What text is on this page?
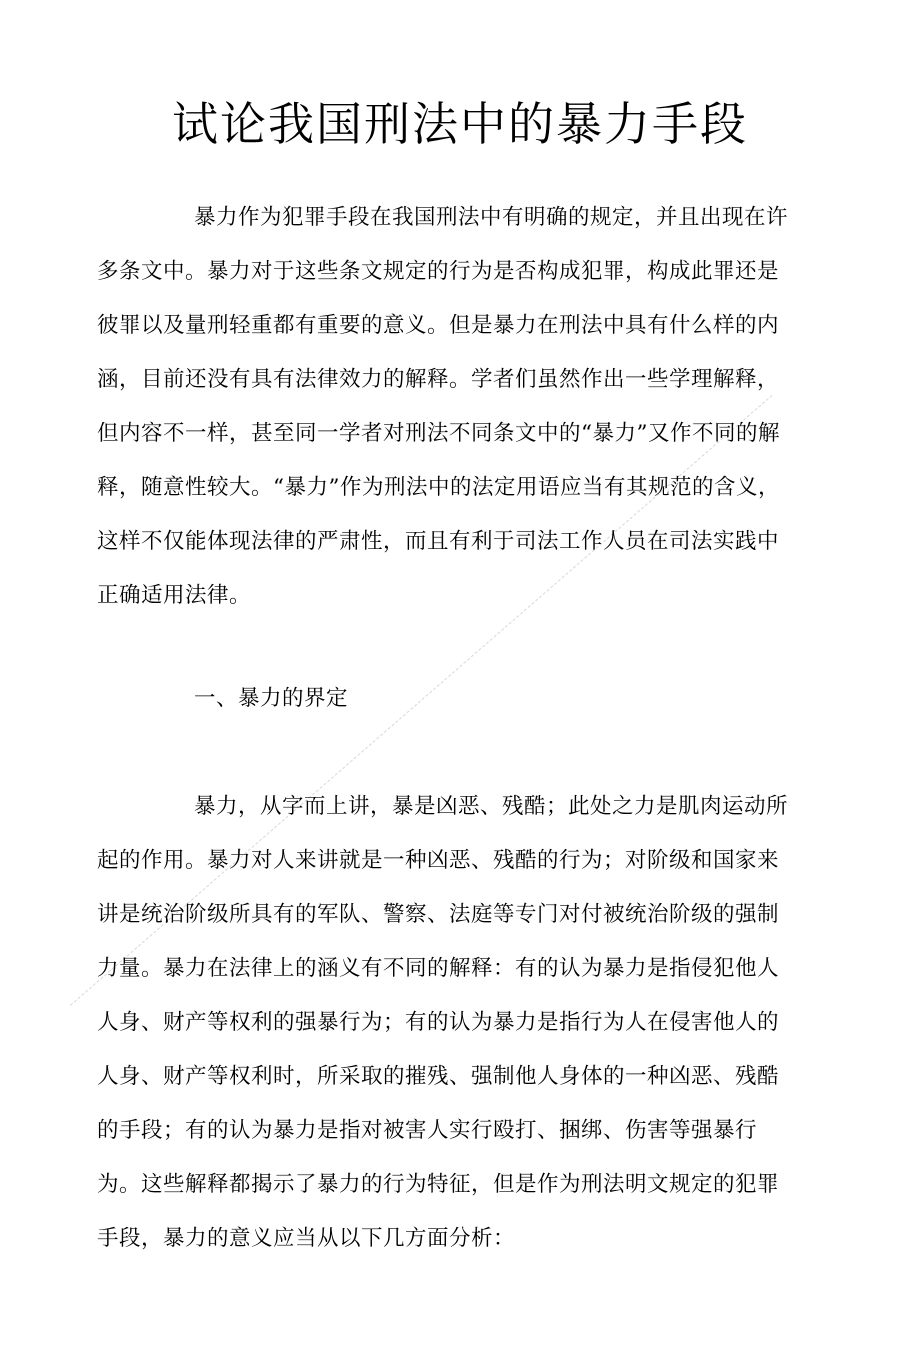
试论我国刑法中的暴力手段

暴力作为犯罪手段在我国刑法中有明确的规定，并且出现在许多条文中。暴力对于这些条文规定的行为是否构成犯罪，构成此罪还是彼罪以及量刑轻重都有重要的意义。但是暴力在刑法中具有什么样的内涵，目前还没有具有法律效力的解释。学者们虽然作出一些学理解释，但内容不一样，甚至同一学者对刑法不同条文中的“暴力”又作不同的解释，随意性较大。“暴力”作为刑法中的法定用语应当有其规范的含义，这样不仅能体现法律的严肃性，而且有利于司法工作人员在司法实践中正确适用法律。

一、暴力的界定

暴力，从字而上讲，暴是凶恶、残酷；此处之力是肌肉运动所起的作用。暴力对人来讲就是一种凶恶、残酷的行为；对阶级和国家来讲是统治阶级所具有的军队、警察、法庭等专门对付被统治阶级的强制力量。暴力在法律上的涵义有不同的解释：有的认为暴力是指侵犯他人人身、财产等权利的强暴行为；有的认为暴力是指行为人在侵害他人的人身、财产等权利时，所采取的摧残、强制他人身体的一种凶恶、残酷的手段；有的认为暴力是指对被害人实行殴打、捆绑、伤害等强暴行为。这些解释都揭示了暴力的行为特征，但是作为刑法明文规定的犯罪手段，暴力的意义应当从以下几方面分析：
